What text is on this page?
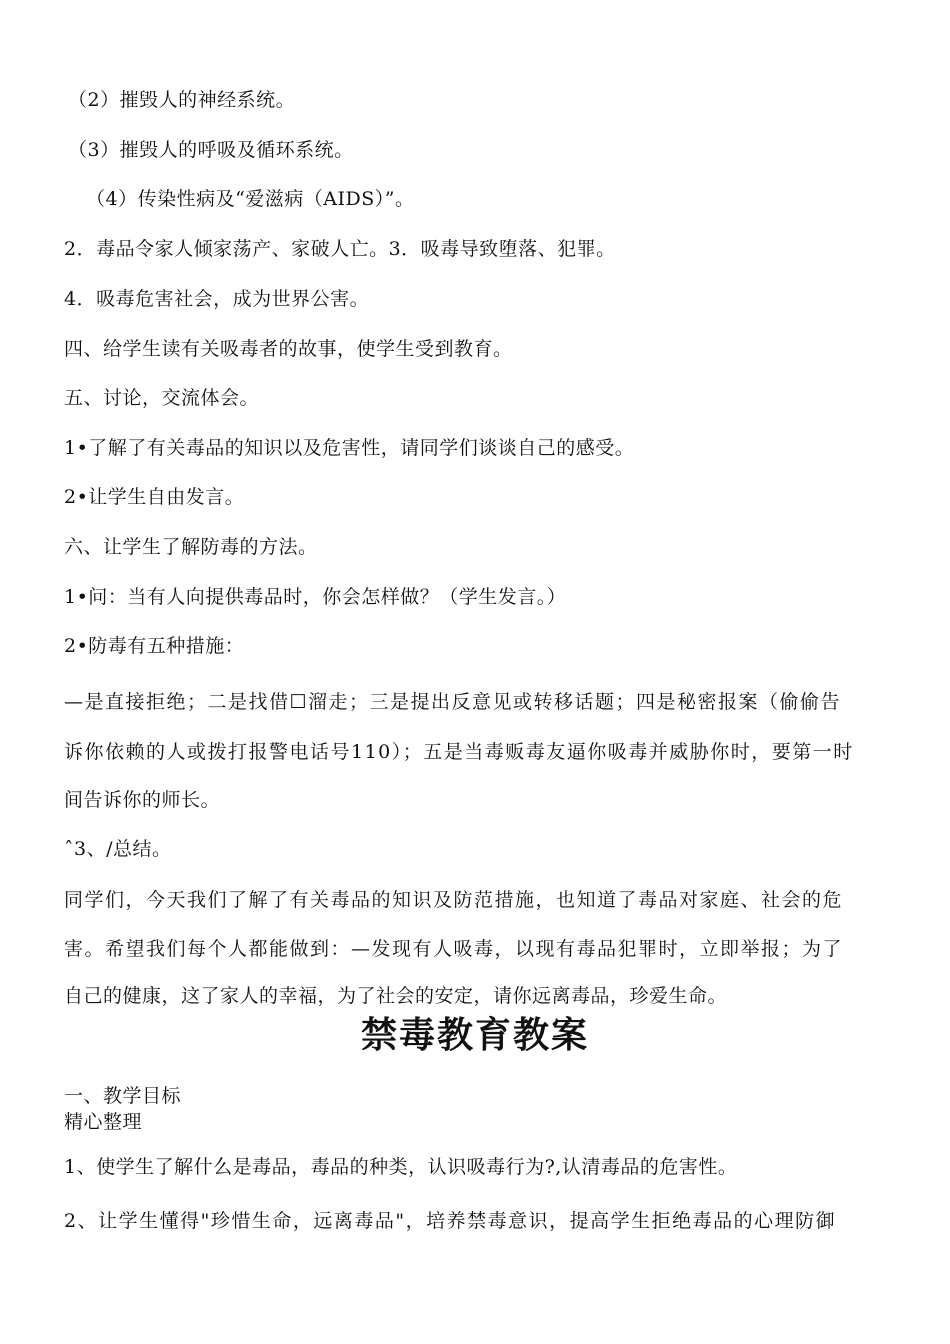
（2）摧毁人的神经系统。
（3）摧毁人的呼吸及循环系统。
（4）传染性病及“爱滋病（AIDS）”。
2．毒品令家人倾家荡产、家破人亡。3．吸毒导致堕落、犯罪。
4．吸毒危害社会，成为世界公害。
四、给学生读有关吸毒者的故事，使学生受到教育。
五、讨论，交流体会。
1•了解了有关毒品的知识以及危害性，请同学们谈谈自己的感受。
2•让学生自由发言。
六、让学生了解防毒的方法。
1•问：当有人向提供毒品时，你会怎样做？（学生发言。）
2•防毒有五种措施：
—是直接拒绝；二是找借☐溜走；三是提出反意见或转移话题；四是秘密报案（偷偷告
诉你依赖的人或拨打报警电话号110）；五是当毒贩毒友逼你吸毒并威胁你时，要第一时
间告诉你的师长。
ˆ3、/总结。
同学们，今天我们了解了有关毒品的知识及防范措施，也知道了毒品对家庭、社会的危
害。希望我们每个人都能做到：—发现有人吸毒，以现有毒品犯罪时，立即举报；为了
自己的健康，这了家人的幸福，为了社会的安定，请你远离毒品，珍爱生命。
禁毒教育教案
一、教学目标
精心整理
1、使学生了解什么是毒品，毒品的种类，认识吸毒行为?,认清毒品的危害性。
2、让学生懂得"珍惜生命，远离毒品"，培养禁毒意识，提高学生拒绝毒品的心理防御
